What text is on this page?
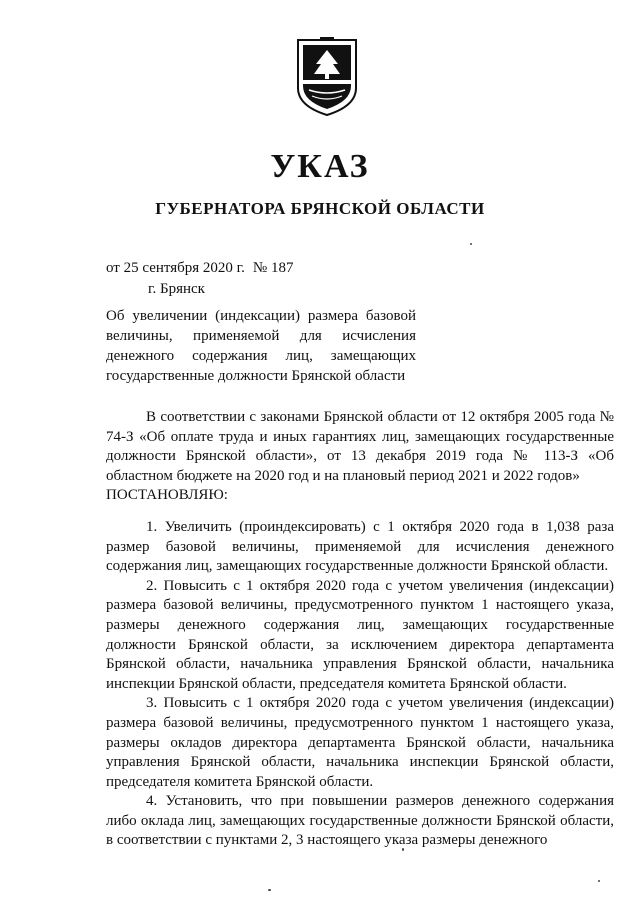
УКАЗ
ГУБЕРНАТОРА БРЯНСКОЙ ОБЛАСТИ
от 25 сентября 2020 г. № 187
г. Брянск
Об увеличении (индексации) размера базовой
величины, применяемой для исчисления
денежного содержания лиц, замещающих
государственные должности Брянской области

В соответствии с законами Брянской области от 12 октября 2005 года № 74-З «Об оплате труда и иных гарантиях лиц, замещающих государственные должности Брянской области», от 13 декабря 2019 года № 113-З «Об областном бюджете на 2020 год и на плановый период 2021 и 2022 годов»

ПОСТАНОВЛЯЮ:

1. Увеличить (проиндексировать) с 1 октября 2020 года в 1,038 раза размер базовой величины, применяемой для исчисления денежного содержания лиц, замещающих государственные должности Брянской области.

2. Повысить с 1 октября 2020 года с учетом увеличения (индексации) размера базовой величины, предусмотренного пунктом 1 настоящего указа, размеры денежного содержания лиц, замещающих государственные должности Брянской области, за исключением директора департамента Брянской области, начальника управления Брянской области, начальника инспекции Брянской области, председателя комитета Брянской области.

3. Повысить с 1 октября 2020 года с учетом увеличения (индексации) размера базовой величины, предусмотренного пунктом 1 настоящего указа, размеры окладов директора департамента Брянской области, начальника управления Брянской области, начальника инспекции Брянской области, председателя комитета Брянской области.

4. Установить, что при повышении размеров денежного содержания либо оклада лиц, замещающих государственные должности Брянской области, в соответствии с пунктами 2, 3 настоящего указа размеры денежного
